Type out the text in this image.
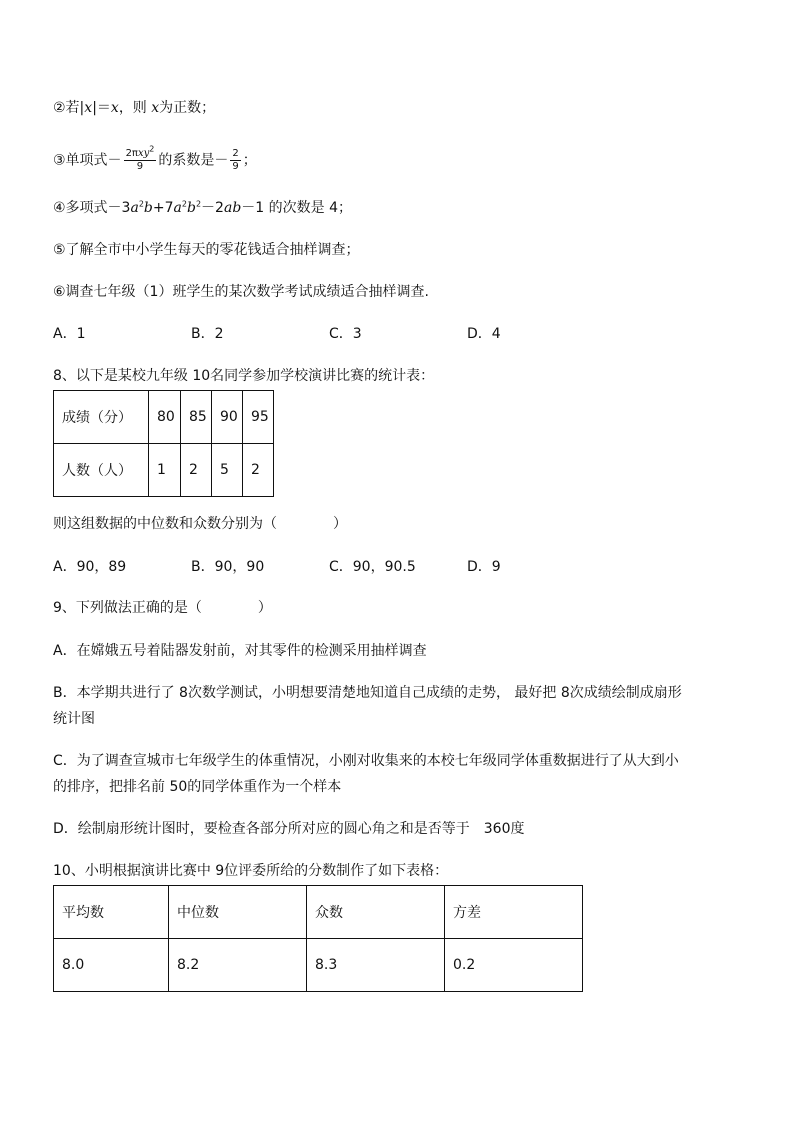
②若|x|＝x，则 x为正数；
③单项式－ $\frac{2\pi xy^2}{9}$ 的系数是－ $\frac{2}{9}$ ；
④多项式$-3a^2b+7a^2b^2-2ab-1$ 的次数是 4；
⑤了解全市中小学生每天的零花钱适合抽样调查；
⑥调查七年级（1）班学生的某次数学考试成绩适合抽样调查.
A．1	B．2	C．3	D．4
8、以下是某校九年级 10名同学参加学校演讲比赛的统计表：
成绩（分）	80	85	90	95
人数（人）	1	2	5	2
则这组数据的中位数和众数分别为（　　　　）
A．90，89	B．90，90	C．90，90.5	D．9
9、下列做法正确的是（　　　　）
A．在嫦娥五号着陆器发射前，对其零件的检测采用抽样调查
B．本学期共进行了 8次数学测试，小明想要清楚地知道自己成绩的走势， 最好把 8次成绩绘制成扇形
统计图
C．为了调查宣城市七年级学生的体重情况，小刚对收集来的本校七年级同学体重数据进行了从大到小
的排序，把排名前 50的同学体重作为一个样本
D．绘制扇形统计图时，要检查各部分所对应的圆心角之和是否等于　360度
10、小明根据演讲比赛中 9位评委所给的分数制作了如下表格：
平均数	中位数	众数	方差
8.0	8.2	8.3	0.2
